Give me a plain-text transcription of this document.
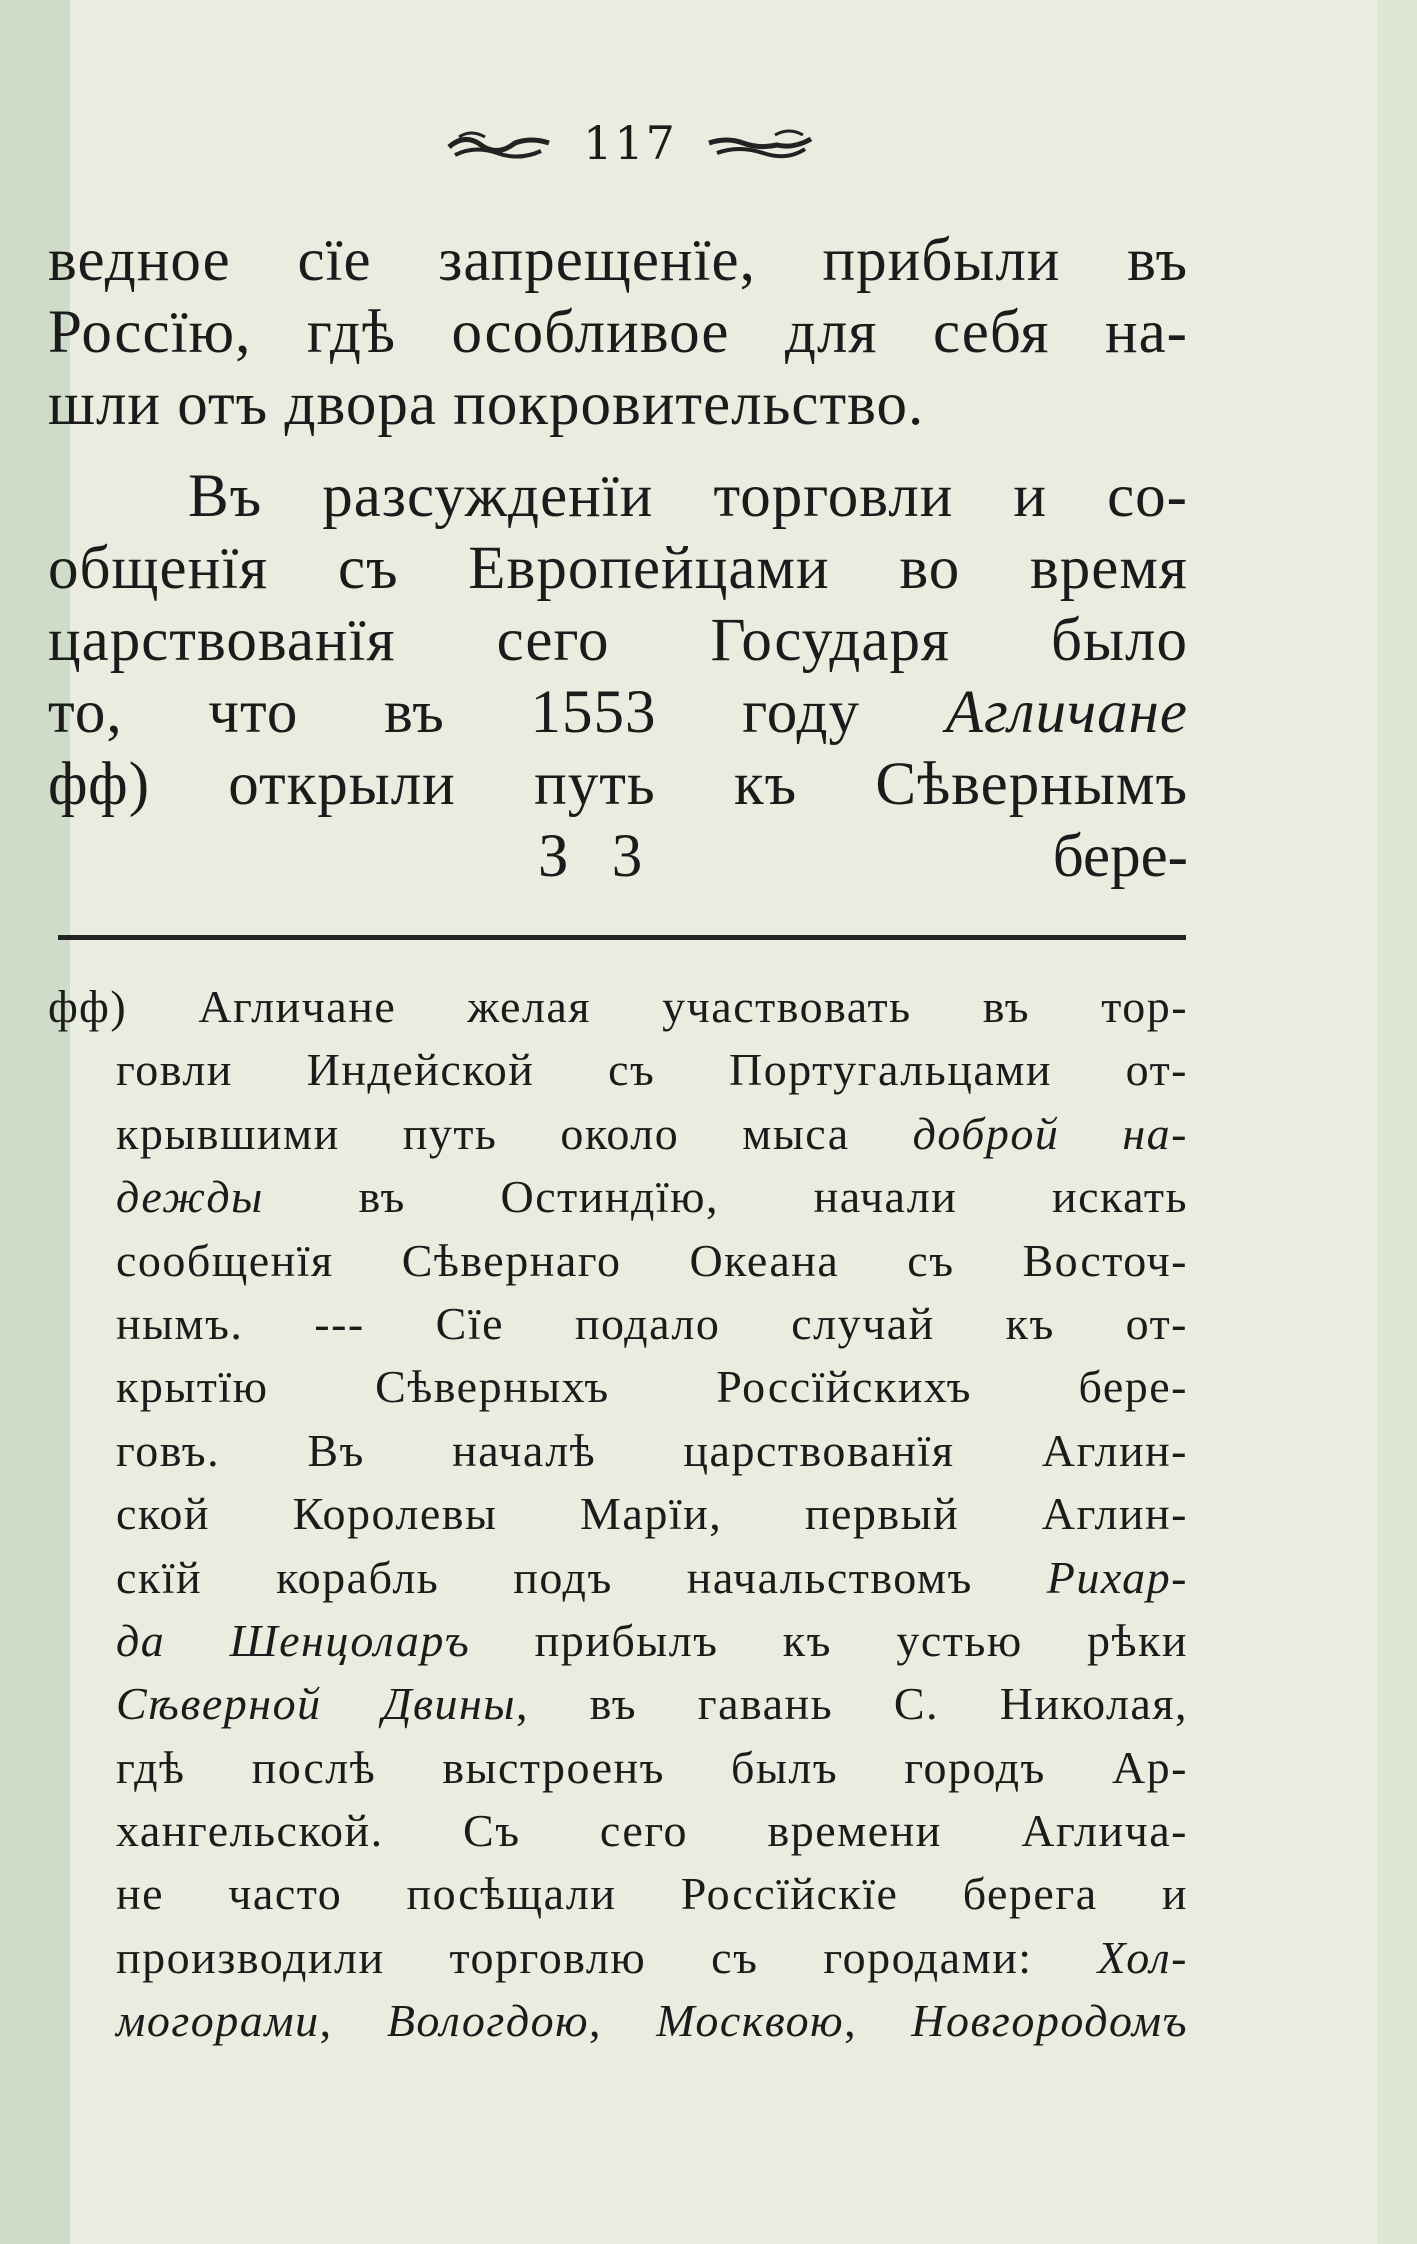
117
ведное сїе запрещенїе, прибыли въ
Россїю, гдѣ особливое для себя на-
шли отъ двора покровительство.
Въ разсужденїи торговли и со-
общенїя съ Европейцами во время
царствованїя сего Государя было
то, что въ 1553 году Агличане
фф) открыли путь къ Сѣвернымъ
З 3	бере-
фф) Агличане желая участвовать въ тор-
говли Индейской съ Португальцами от-
крывшими путь около мыса доброй на-
дежды въ Остиндїю, начали искать
сообщенїя Сѣвернаго Океана съ Восточ-
нымъ. --- Сїе подало случай къ от-
крытїю Сѣверныхъ Россїйскихъ бере-
говъ. Въ началѣ царствованїя Аглин-
ской Королевы Марїи, первый Аглин-
скїй корабль подъ начальствомъ Рихар-
да Шенцоларъ прибылъ къ устью рѣки
Сѣверной Двины, въ гавань С. Николая,
гдѣ послѣ выстроенъ былъ городъ Ар-
хангельской. Съ сего времени Аглича-
не часто посѣщали Россїйскїе берега и
производили торговлю съ городами: Хол-
могорами, Вологдою, Москвою, Новгородомъ
